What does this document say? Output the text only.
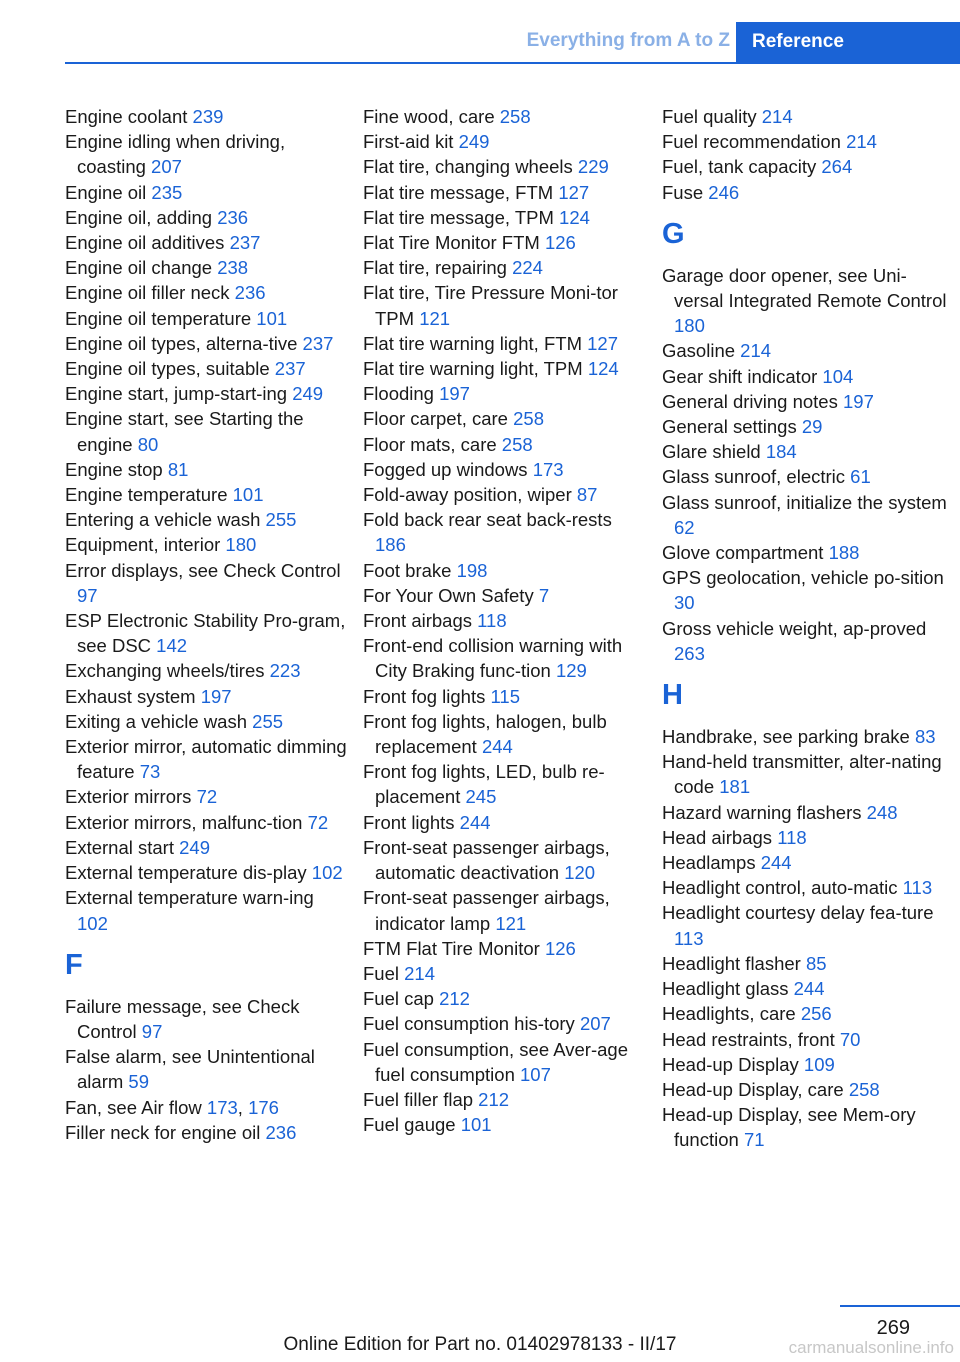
Everything from A to Z	Reference
Engine coolant 239
Engine idling when driving, coasting 207
Engine oil 235
Engine oil, adding 236
Engine oil additives 237
Engine oil change 238
Engine oil filler neck 236
Engine oil temperature 101
Engine oil types, alterna-tive 237
Engine oil types, suitable 237
Engine start, jump-start-ing 249
Engine start, see Starting the engine 80
Engine stop 81
Engine temperature 101
Entering a vehicle wash 255
Equipment, interior 180
Error displays, see Check Control 97
ESP Electronic Stability Pro-gram, see DSC 142
Exchanging wheels/tires 223
Exhaust system 197
Exiting a vehicle wash 255
Exterior mirror, automatic dimming feature 73
Exterior mirrors 72
Exterior mirrors, malfunc-tion 72
External start 249
External temperature dis-play 102
External temperature warn-ing 102
F
Failure message, see Check Control 97
False alarm, see Unintentional alarm 59
Fan, see Air flow 173, 176
Filler neck for engine oil 236
Fine wood, care 258
First-aid kit 249
Flat tire, changing wheels 229
Flat tire message, FTM 127
Flat tire message, TPM 124
Flat Tire Monitor FTM 126
Flat tire, repairing 224
Flat tire, Tire Pressure Moni-tor TPM 121
Flat tire warning light, FTM 127
Flat tire warning light, TPM 124
Flooding 197
Floor carpet, care 258
Floor mats, care 258
Fogged up windows 173
Fold-away position, wiper 87
Fold back rear seat back-rests 186
Foot brake 198
For Your Own Safety 7
Front airbags 118
Front-end collision warning with City Braking func-tion 129
Front fog lights 115
Front fog lights, halogen, bulb replacement 244
Front fog lights, LED, bulb re-placement 245
Front lights 244
Front-seat passenger airbags, automatic deactivation 120
Front-seat passenger airbags, indicator lamp 121
FTM Flat Tire Monitor 126
Fuel 214
Fuel cap 212
Fuel consumption his-tory 207
Fuel consumption, see Aver-age fuel consumption 107
Fuel filler flap 212
Fuel gauge 101
Fuel quality 214
Fuel recommendation 214
Fuel, tank capacity 264
Fuse 246
G
Garage door opener, see Uni-versal Integrated Remote Control 180
Gasoline 214
Gear shift indicator 104
General driving notes 197
General settings 29
Glare shield 184
Glass sunroof, electric 61
Glass sunroof, initialize the system 62
Glove compartment 188
GPS geolocation, vehicle po-sition 30
Gross vehicle weight, ap-proved 263
H
Handbrake, see parking brake 83
Hand-held transmitter, alter-nating code 181
Hazard warning flashers 248
Head airbags 118
Headlamps 244
Headlight control, auto-matic 113
Headlight courtesy delay fea-ture 113
Headlight flasher 85
Headlight glass 244
Headlights, care 256
Head restraints, front 70
Head-up Display 109
Head-up Display, care 258
Head-up Display, see Mem-ory function 71
269
Online Edition for Part no. 01402978133 - II/17	carmanualsonline.info
